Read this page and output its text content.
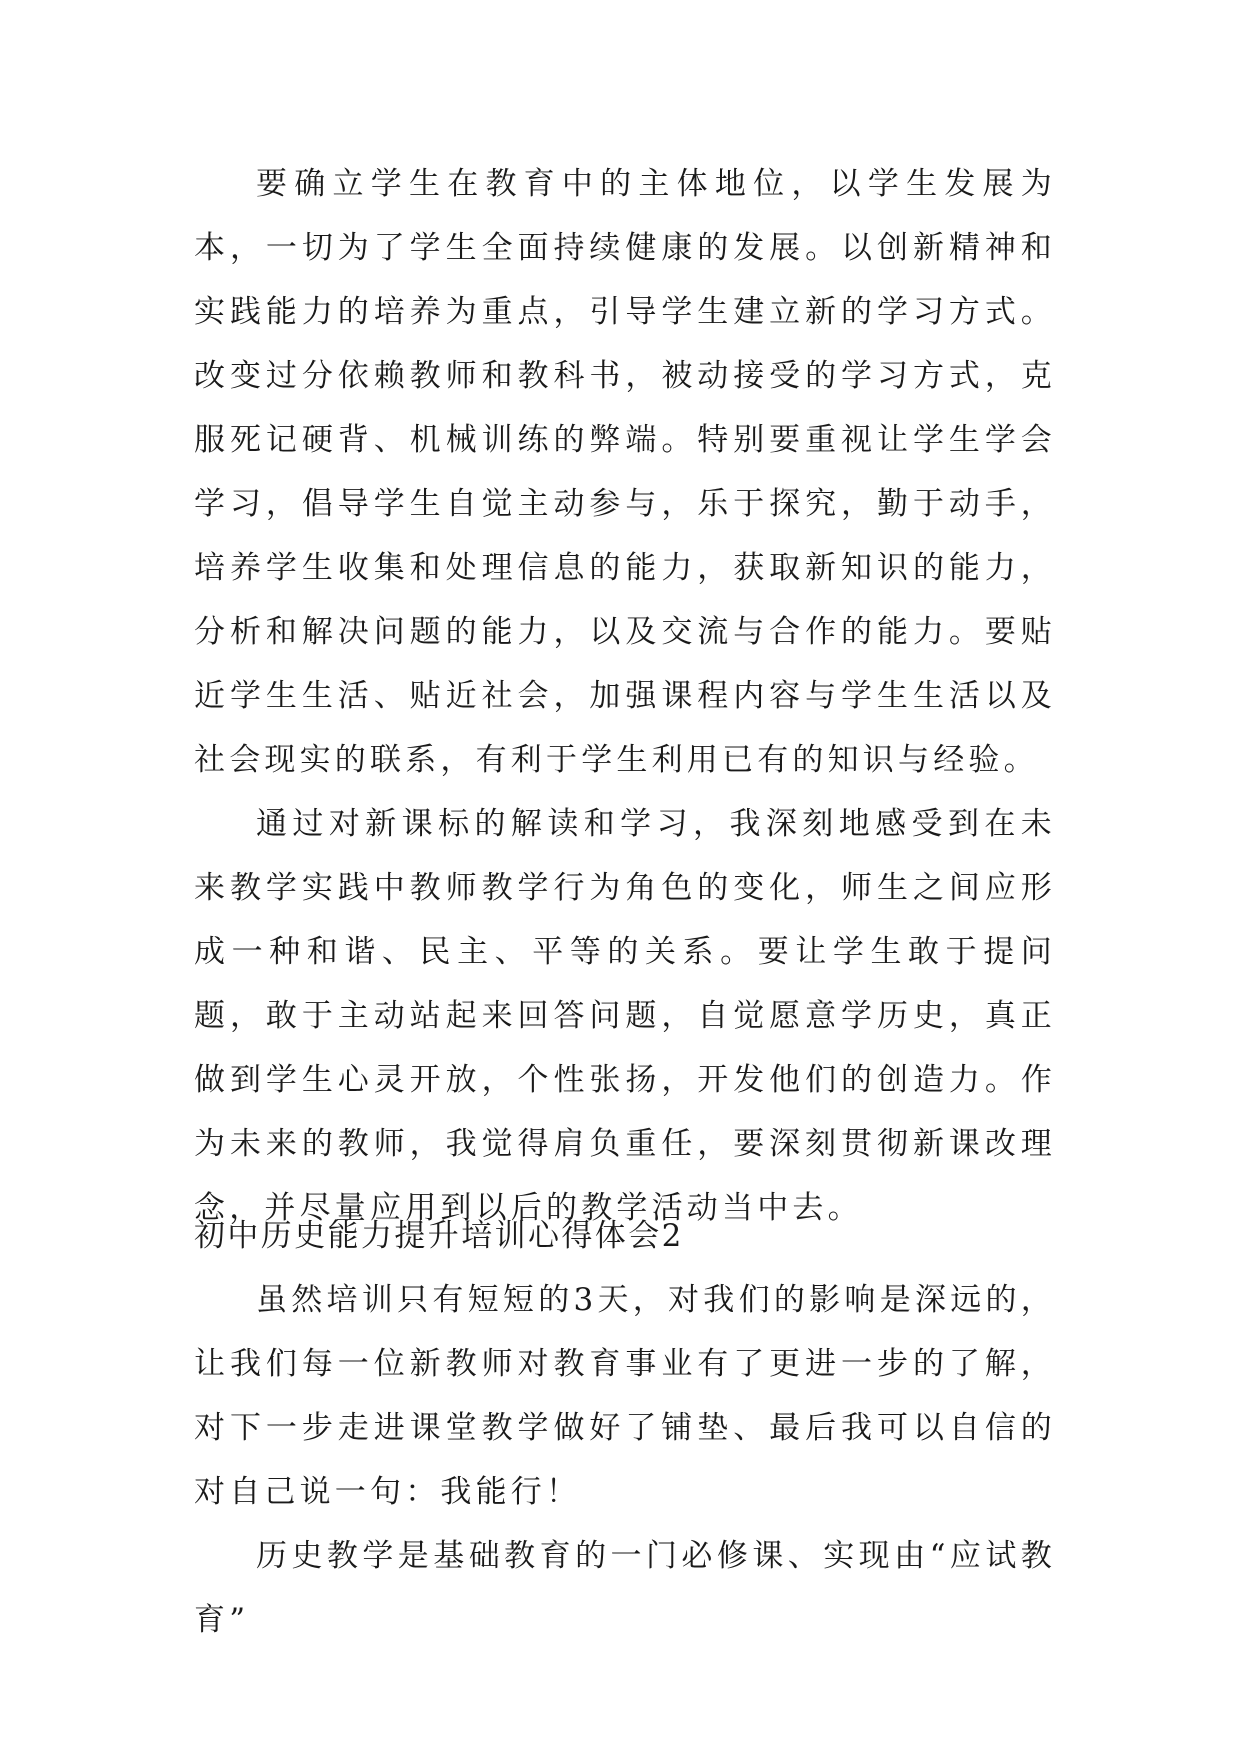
要确立学生在教育中的主体地位，以学生发展为本，一切为了学生全面持续健康的发展。以创新精神和实践能力的培养为重点，引导学生建立新的学习方式。改变过分依赖教师和教科书，被动接受的学习方式，克服死记硬背、机械训练的弊端。特别要重视让学生学会学习，倡导学生自觉主动参与，乐于探究，勤于动手，培养学生收集和处理信息的能力，获取新知识的能力，分析和解决问题的能力，以及交流与合作的能力。要贴近学生生活、贴近社会，加强课程内容与学生生活以及社会现实的联系，有利于学生利用已有的知识与经验。

通过对新课标的解读和学习，我深刻地感受到在未来教学实践中教师教学行为角色的变化，师生之间应形成一种和谐、民主、平等的关系。要让学生敢于提问题，敢于主动站起来回答问题，自觉愿意学历史，真正做到学生心灵开放，个性张扬，开发他们的创造力。作为未来的教师，我觉得肩负重任，要深刻贯彻新课改理念，并尽量应用到以后的教学活动当中去。

初中历史能力提升培训心得体会2

虽然培训只有短短的3天，对我们的影响是深远的，让我们每一位新教师对教育事业有了更进一步的了解，对下一步走进课堂教学做好了铺垫、最后我可以自信的对自己说一句：我能行！

历史教学是基础教育的一门必修课、实现由“应试教育”
